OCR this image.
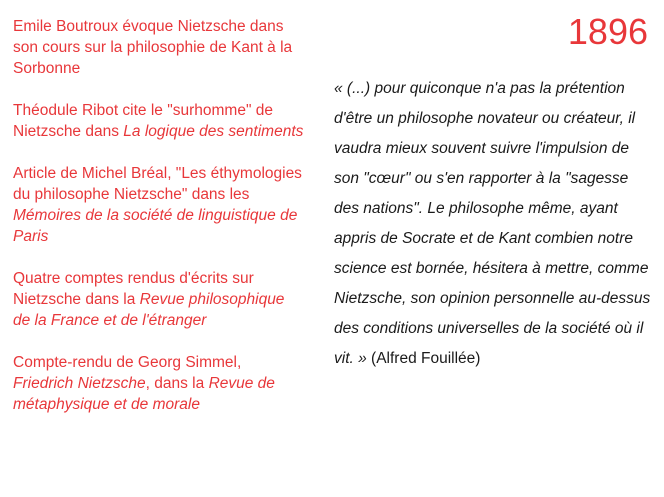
Emile Boutroux évoque Nietzsche dans son cours sur la philosophie de Kant à la Sorbonne
Théodule Ribot cite le "surhomme" de Nietzsche dans La logique des sentiments
Article de Michel Bréal, "Les éthymologies du philosophe Nietzsche" dans les Mémoires de la société de linguistique de Paris
Quatre comptes rendus d'écrits sur Nietzsche dans la Revue philosophique de la France et de l'étranger
Compte-rendu de Georg Simmel, Friedrich Nietzsche, dans la Revue de métaphysique et de morale
1896
« (...) pour quiconque n'a pas la prétention d'être un philosophe novateur ou créateur, il vaudra mieux souvent suivre l'impulsion de son "cœur" ou s'en rapporter à la "sagesse des nations". Le philosophe même, ayant appris de Socrate et de Kant combien notre science est bornée, hésitera à mettre, comme Nietzsche, son opinion personnelle au-dessus des conditions universelles de la société où il vit. » (Alfred Fouillée)
